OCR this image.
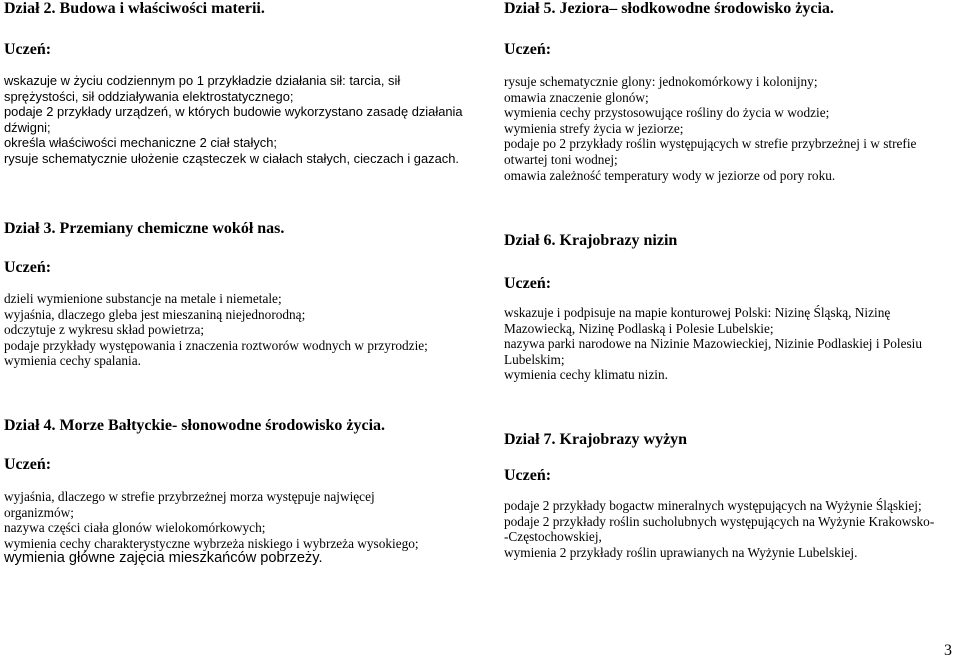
Dział 2. Budowa i właściwości materii.
Uczeń:
wskazuje w życiu codziennym po 1 przykładzie działania sił: tarcia, sił
sprężystości, sił oddziaływania elektrostatycznego;
podaje 2 przykłady urządzeń, w których budowie wykorzystano zasadę działania
dźwigni;
określa właściwości mechaniczne 2 ciał stałych;
rysuje schematycznie ułożenie cząsteczek w ciałach stałych, cieczach i gazach.
Dział 3. Przemiany chemiczne wokół nas.
Uczeń:
dzieli wymienione substancje na metale i niemetale;
wyjaśnia, dlaczego gleba jest mieszaniną niejednorodną;
odczytuje z wykresu skład powietrza;
podaje przykłady występowania i znaczenia roztworów wodnych w przyrodzie;
wymienia cechy spalania.
Dział 4. Morze Bałtyckie- słonowodne środowisko życia.
Uczeń:
wyjaśnia, dlaczego w strefie przybrzeżnej morza występuje najwięcej
organizmów;
nazywa części ciała glonów wielokomórkowych;
wymienia cechy charakterystyczne wybrzeża niskiego i wybrzeża wysokiego;
wymienia główne zajęcia mieszkańców pobrzeży.
Dział 5. Jeziora– słodkowodne środowisko życia.
Uczeń:
rysuje schematycznie glony: jednokomórkowy i kolonijny;
omawia znaczenie glonów;
wymienia cechy przystosowujące rośliny do życia w wodzie;
wymienia strefy życia w jeziorze;
podaje po 2 przykłady roślin występujących w strefie przybrzeżnej i w strefie
otwartej toni wodnej;
omawia zależność temperatury wody w jeziorze od pory roku.
Dział 6. Krajobrazy nizin
Uczeń:
wskazuje i podpisuje na mapie konturowej Polski: Nizinę Śląską, Nizinę
Mazowiecką, Nizinę Podlaską i Polesie Lubelskie;
nazywa parki narodowe na Nizinie Mazowieckiej, Nizinie Podlaskiej i Polesiu
Lubelskim;
wymienia cechy klimatu nizin.
Dział 7. Krajobrazy wyżyn
Uczeń:
podaje 2 przykłady bogactw mineralnych występujących na Wyżynie Śląskiej;
podaje 2 przykłady roślin sucholubnych występujących na Wyżynie Krakowsko-
-Częstochowskiej,
wymienia 2 przykłady roślin uprawianych na Wyżynie Lubelskiej.
3
